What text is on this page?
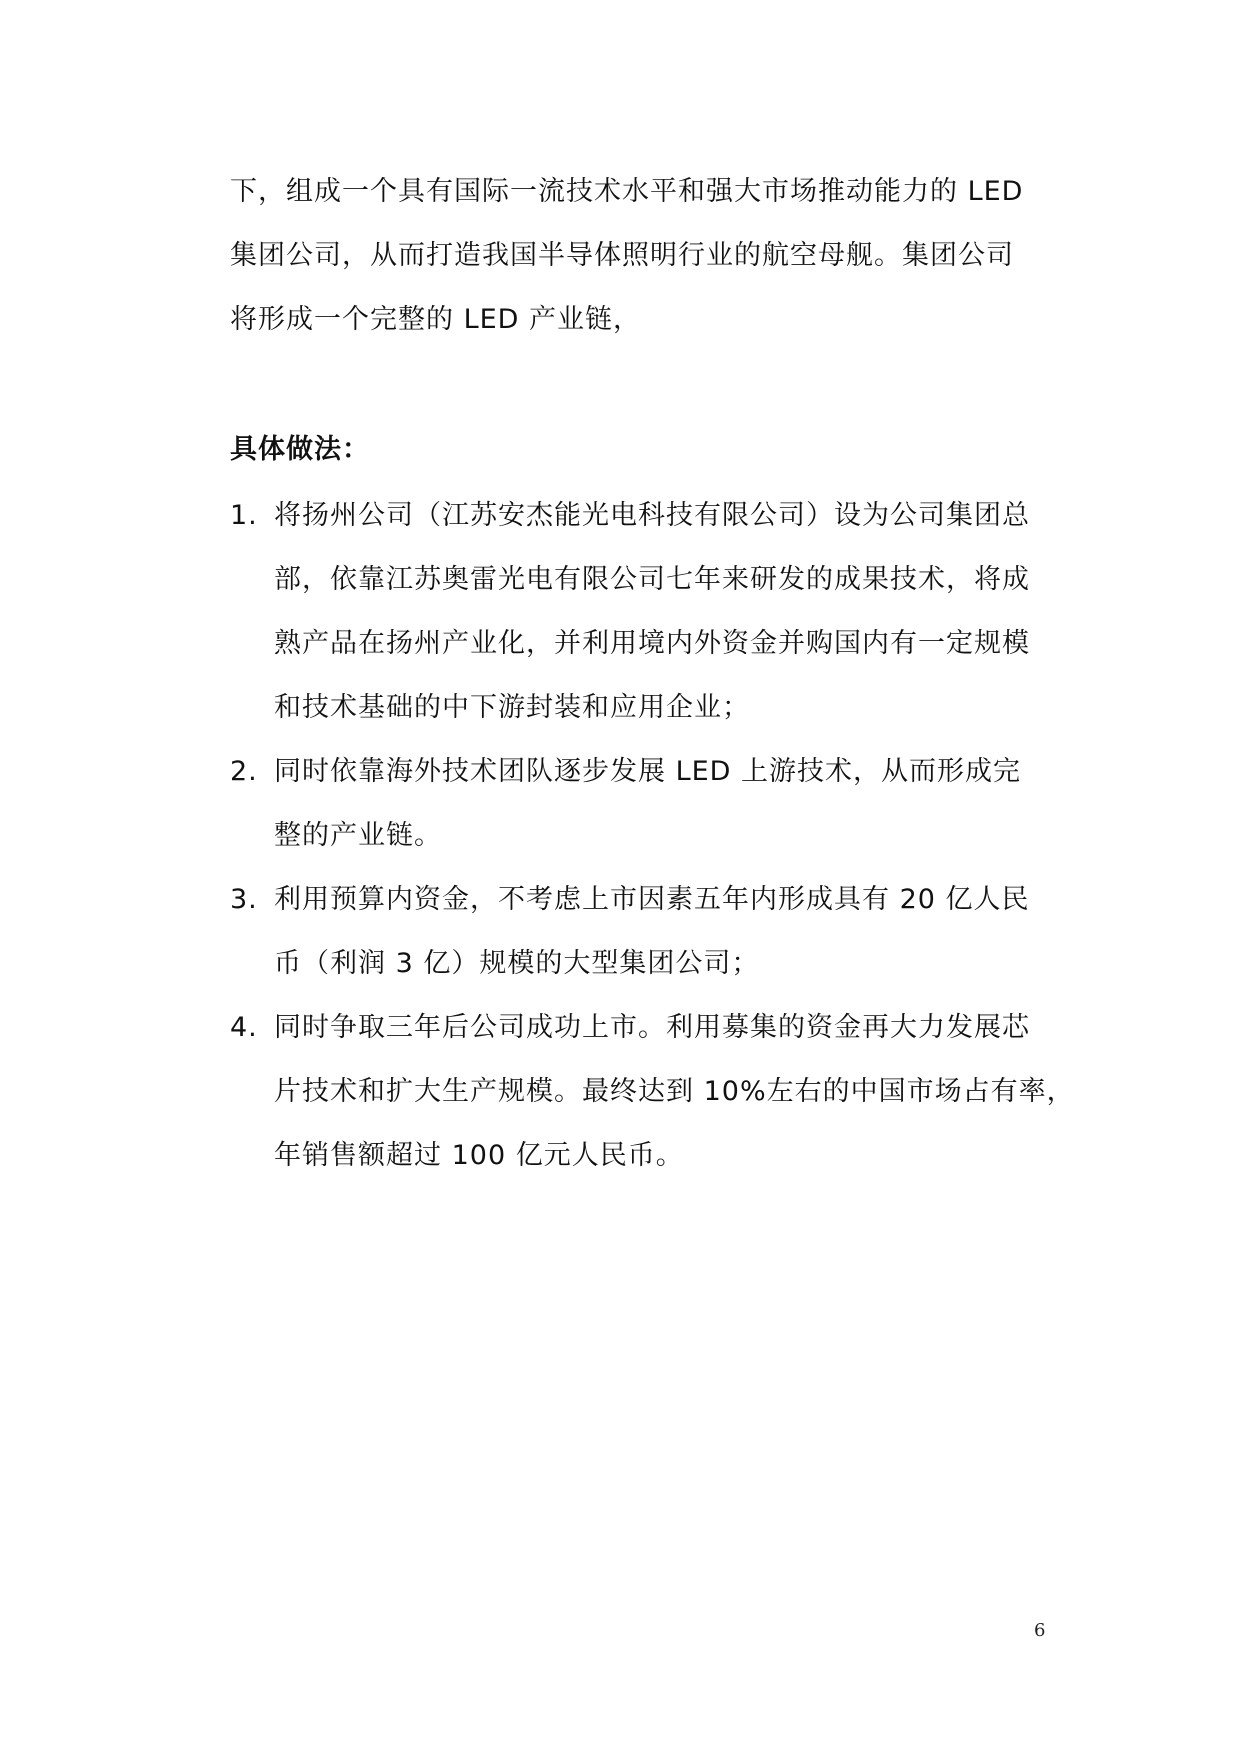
下，组成一个具有国际一流技术水平和强大市场推动能力的 LED
集团公司，从而打造我国半导体照明行业的航空母舰。集团公司
将形成一个完整的 LED 产业链，
具体做法：
1. 将扬州公司（江苏安杰能光电科技有限公司）设为公司集团总
部，依靠江苏奥雷光电有限公司七年来研发的成果技术，将成
熟产品在扬州产业化，并利用境内外资金并购国内有一定规模
和技术基础的中下游封装和应用企业；
2. 同时依靠海外技术团队逐步发展 LED 上游技术，从而形成完
整的产业链。
3. 利用预算内资金，不考虑上市因素五年内形成具有 20 亿人民
币（利润 3 亿）规模的大型集团公司；
4. 同时争取三年后公司成功上市。利用募集的资金再大力发展芯
片技术和扩大生产规模。最终达到 10%左右的中国市场占有率，
年销售额超过 100 亿元人民币。
6
